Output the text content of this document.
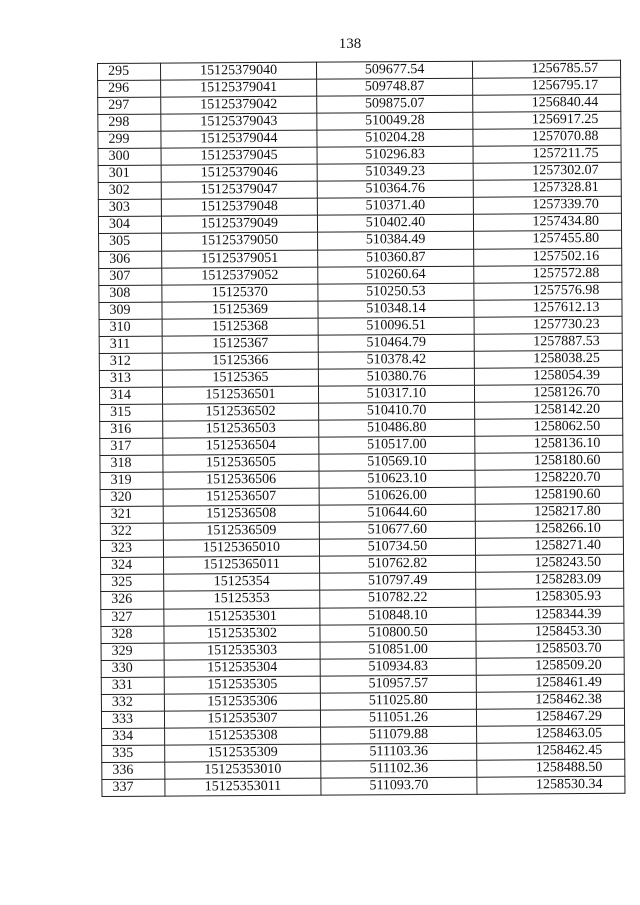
138
295	15125379040	509677.54	1256785.57
296	15125379041	509748.87	1256795.17
297	15125379042	509875.07	1256840.44
298	15125379043	510049.28	1256917.25
299	15125379044	510204.28	1257070.88
300	15125379045	510296.83	1257211.75
301	15125379046	510349.23	1257302.07
302	15125379047	510364.76	1257328.81
303	15125379048	510371.40	1257339.70
304	15125379049	510402.40	1257434.80
305	15125379050	510384.49	1257455.80
306	15125379051	510360.87	1257502.16
307	15125379052	510260.64	1257572.88
308	15125370	510250.53	1257576.98
309	15125369	510348.14	1257612.13
310	15125368	510096.51	1257730.23
311	15125367	510464.79	1257887.53
312	15125366	510378.42	1258038.25
313	15125365	510380.76	1258054.39
314	1512536501	510317.10	1258126.70
315	1512536502	510410.70	1258142.20
316	1512536503	510486.80	1258062.50
317	1512536504	510517.00	1258136.10
318	1512536505	510569.10	1258180.60
319	1512536506	510623.10	1258220.70
320	1512536507	510626.00	1258190.60
321	1512536508	510644.60	1258217.80
322	1512536509	510677.60	1258266.10
323	15125365010	510734.50	1258271.40
324	15125365011	510762.82	1258243.50
325	15125354	510797.49	1258283.09
326	15125353	510782.22	1258305.93
327	1512535301	510848.10	1258344.39
328	1512535302	510800.50	1258453.30
329	1512535303	510851.00	1258503.70
330	1512535304	510934.83	1258509.20
331	1512535305	510957.57	1258461.49
332	1512535306	511025.80	1258462.38
333	1512535307	511051.26	1258467.29
334	1512535308	511079.88	1258463.05
335	1512535309	511103.36	1258462.45
336	15125353010	511102.36	1258488.50
337	15125353011	511093.70	1258530.34
